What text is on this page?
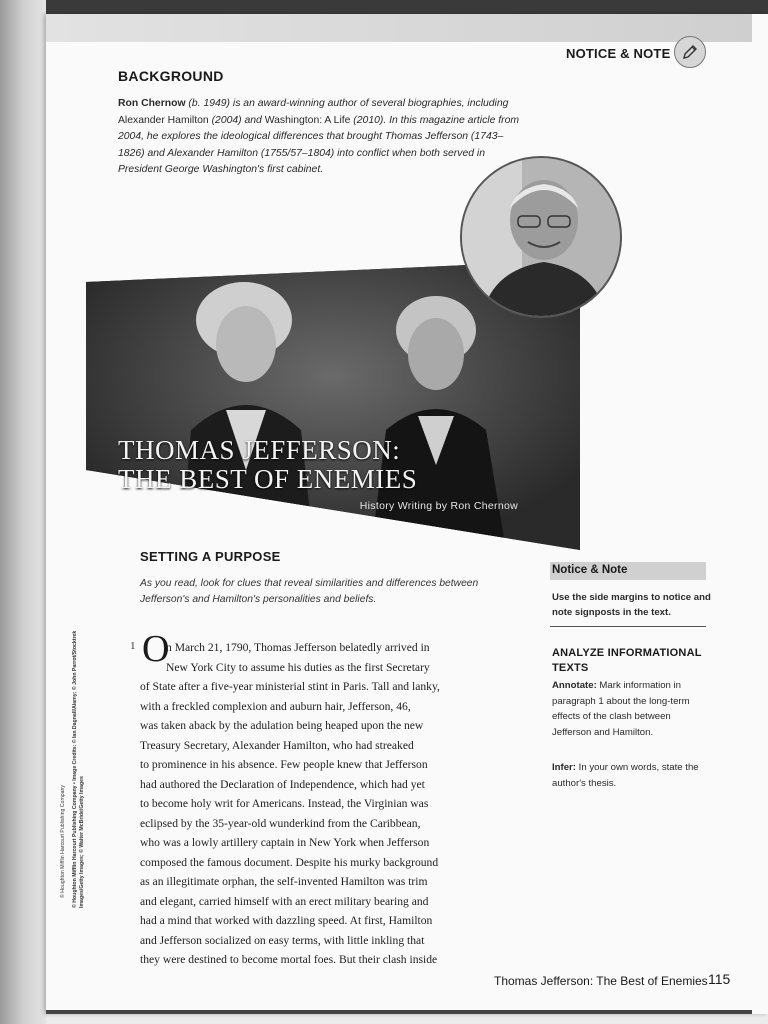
NOTICE & NOTE
BACKGROUND
Ron Chernow (b. 1949) is an award-winning author of several biographies, including Alexander Hamilton (2004) and Washington: A Life (2010). In this magazine article from 2004, he explores the ideological differences that brought Thomas Jefferson (1743–1826) and Alexander Hamilton (1755/57–1804) into conflict when both served in President George Washington's first cabinet.
THOMAS JEFFERSON:
THE BEST OF ENEMIES
History Writing by Ron Chernow
SETTING A PURPOSE
As you read, look for clues that reveal similarities and differences between Jefferson's and Hamilton's personalities and beliefs.
1 O
n March 21, 1790, Thomas Jefferson belatedly arrived in
New York City to assume his duties as the first Secretary
of State after a five-year ministerial stint in Paris. Tall and lanky,
with a freckled complexion and auburn hair, Jefferson, 46,
was taken aback by the adulation being heaped upon the new
Treasury Secretary, Alexander Hamilton, who had streaked
to prominence in his absence. Few people knew that Jefferson
had authored the Declaration of Independence, which had yet
to become holy writ for Americans. Instead, the Virginian was
eclipsed by the 35-year-old wunderkind from the Caribbean,
who was a lowly artillery captain in New York when Jefferson
composed the famous document. Despite his murky background
as an illegitimate orphan, the self-invented Hamilton was trim
and elegant, carried himself with an erect military bearing and
had a mind that worked with dazzling speed. At first, Hamilton
and Jefferson socialized on easy terms, with little inkling that
they were destined to become mortal foes. But their clash inside
Notice & Note
Use the side margins to notice and note signposts in the text.
ANALYZE INFORMATIONAL TEXTS
Annotate: Mark information in paragraph 1 about the long-term effects of the clash between Jefferson and Hamilton.
Infer: In your own words, state the author's thesis.
© Houghton Mifflin Harcourt Publishing Company © Houghton Mifflin Harcourt Publishing Company • Image Credits: © Ian Dagnall/Alamy; © John Parrot/Stocktrek Images/Getty Images; © Walter McBride/Getty Images
Thomas Jefferson: The Best of Enemies 115
